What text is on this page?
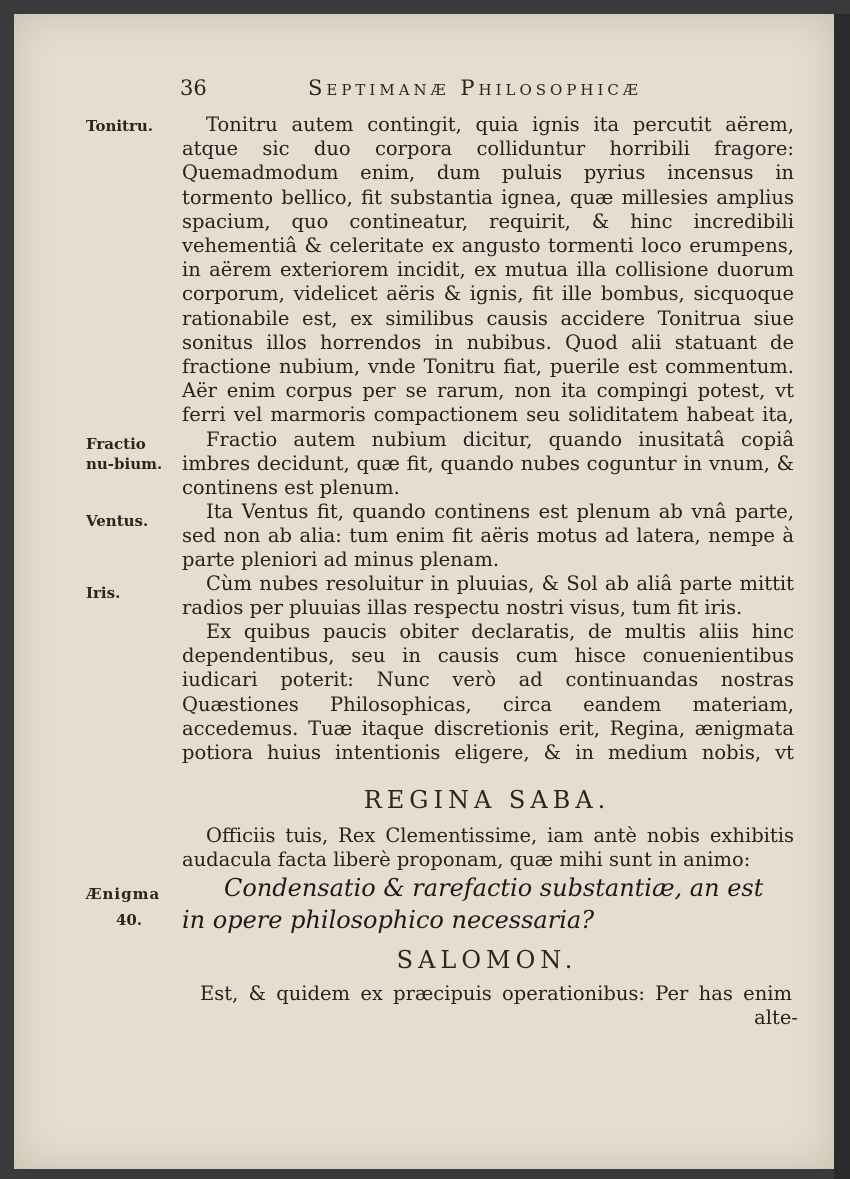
36	Septimanæ Philosophicæ
Tonitru.
Fractio nu-bium.
Ventus.
Iris.
Ænigma
40.

Tonitru autem contingit, quia ignis ita percutit aërem, atque sic duo corpora colliduntur horribili fragore: Quemadmodum enim, dum puluis pyrius incensus in tormento bellico, fit substantia ignea, quæ millesies amplius spacium, quo contineatur, requirit, & hinc incredibili vehementiâ & celeritate ex angusto tormenti loco erumpens, in aërem exteriorem incidit, ex mutua illa collisione duorum corporum, videlicet aëris & ignis, fit ille bombus, sicquoque rationabile est, ex similibus causis accidere Tonitrua siue sonitus illos horrendos in nubibus. Quod alii statuant de fractione nubium, vnde Tonitru fiat, puerile est commentum. Aër enim corpus per se rarum, non ita compingi potest, vt ferri vel marmoris compactionem seu soliditatem habeat ita,

Fractio autem nubium dicitur, quando inusitatâ copiâ imbres decidunt, quæ fit, quando nubes coguntur in vnum, & continens est plenum.

Ita Ventus fit, quando continens est plenum ab vnâ parte, sed non ab alia: tum enim fit aëris motus ad latera, nempe à parte pleniori ad minus plenam.

Cùm nubes resoluitur in pluuias, & Sol ab aliâ parte mittit radios per pluuias illas respectu nostri visus, tum fit iris.

Ex quibus paucis obiter declaratis, de multis aliis hinc dependentibus, seu in causis cum hisce conuenientibus iudicari poterit: Nunc verò ad continuandas nostras Quæstiones Philosophicas, circa eandem materiam, accedemus. Tuæ itaque discretionis erit, Regina, ænigmata potiora huius intentionis eligere, & in medium nobis, vt

REGINA SABA.

Officiis tuis, Rex Clementissime, iam antè nobis exhibitis audacula facta liberè proponam, quæ mihi sunt in animo:

Condensatio & rarefactio substantiæ, an est in opere philosophico necessaria?
SALOMON.
Est, & quidem ex præcipuis operationibus: Per has enim
alte-
